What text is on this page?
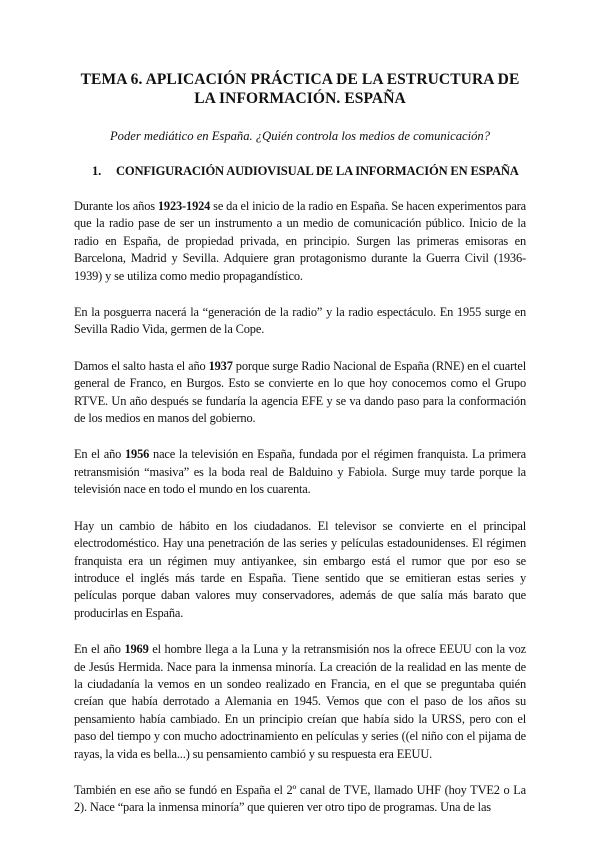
TEMA 6. APLICACIÓN PRÁCTICA DE LA ESTRUCTURA DE LA INFORMACIÓN. ESPAÑA

Poder mediático en España. ¿Quién controla los medios de comunicación?

1. CONFIGURACIÓN AUDIOVISUAL DE LA INFORMACIÓN EN ESPAÑA

Durante los años 1923-1924 se da el inicio de la radio en España. Se hacen experimentos para que la radio pase de ser un instrumento a un medio de comunicación público. Inicio de la radio en España, de propiedad privada, en principio. Surgen las primeras emisoras en Barcelona, Madrid y Sevilla. Adquiere gran protagonismo durante la Guerra Civil (1936-1939) y se utiliza como medio propagandístico.

En la posguerra nacerá la “generación de la radio” y la radio espectáculo. En 1955 surge en Sevilla Radio Vida, germen de la Cope.

Damos el salto hasta el año 1937 porque surge Radio Nacional de España (RNE) en el cuartel general de Franco, en Burgos. Esto se convierte en lo que hoy conocemos como el Grupo RTVE. Un año después se fundaría la agencia EFE y se va dando paso para la conformación de los medios en manos del gobierno.

En el año 1956 nace la televisión en España, fundada por el régimen franquista. La primera retransmisión “masiva” es la boda real de Balduino y Fabiola. Surge muy tarde porque la televisión nace en todo el mundo en los cuarenta.

Hay un cambio de hábito en los ciudadanos. El televisor se convierte en el principal electrodoméstico. Hay una penetración de las series y películas estadounidenses. El régimen franquista era un régimen muy antiyankee, sin embargo está el rumor que por eso se introduce el inglés más tarde en España. Tiene sentido que se emitieran estas series y películas porque daban valores muy conservadores, además de que salía más barato que producirlas en España.

En el año 1969 el hombre llega a la Luna y la retransmisión nos la ofrece EEUU con la voz de Jesús Hermida. Nace para la inmensa minoría. La creación de la realidad en las mente de la ciudadanía la vemos en un sondeo realizado en Francia, en el que se preguntaba quién creían que había derrotado a Alemania en 1945. Vemos que con el paso de los años su pensamiento había cambiado. En un principio creían que había sido la URSS, pero con el paso del tiempo y con mucho adoctrinamiento en películas y series ((el niño con el pijama de rayas, la vida es bella...) su pensamiento cambió y su respuesta era EEUU.

También en ese año se fundó en España el 2º canal de TVE, llamado UHF (hoy TVE2 o La 2). Nace “para la inmensa minoría” que quieren ver otro tipo de programas. Una de las
